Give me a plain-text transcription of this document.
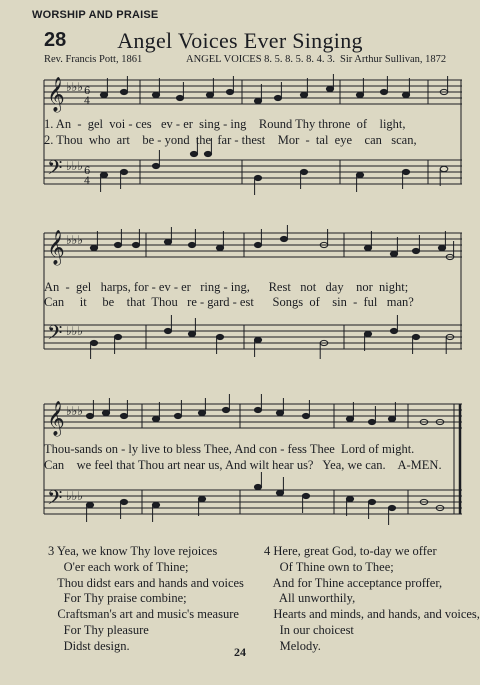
WORSHIP AND PRAISE
28	Angel Voices Ever Singing
Rev. Francis Pott, 1861	ANGEL VOICES 8. 5. 8. 5. 8. 4. 3. Sir Arthur Sullivan, 1872
𝄞
𝄢
♭♭♭
♭♭♭
6
4
6
4
1. An  -  gel  voi - ces   ev - er  sing - ing    Round Thy throne  of    light,
2. Thou  who  art    be - yond  the  far - thest    Mor  -  tal  eye    can   scan,
𝄞
𝄢
♭♭♭
♭♭♭
An  -  gel   harps, for - ev - er   ring - ing,      Rest   not   day    nor  night;
Can     it     be    that  Thou   re - gard - est      Songs  of    sin  -  ful   man?
𝄞
𝄢
♭♭♭
♭♭♭
Thou-sands on - ly live to bless Thee, And con - fess Thee  Lord of might.
Can    we feel that Thou art near us, And wilt hear us?   Yea, we can.    A-MEN.
3 Yea, we know Thy love rejoices
O'er each work of Thine;
Thou didst ears and hands and voices
For Thy praise combine;
Craftsman's art and music's measure
For Thy pleasure
Didst design.
4 Here, great God, to-day we offer
Of Thine own to Thee;
And for Thine acceptance proffer,
All unworthily,
Hearts and minds, and hands, and voices,
In our choicest
Melody.
24
